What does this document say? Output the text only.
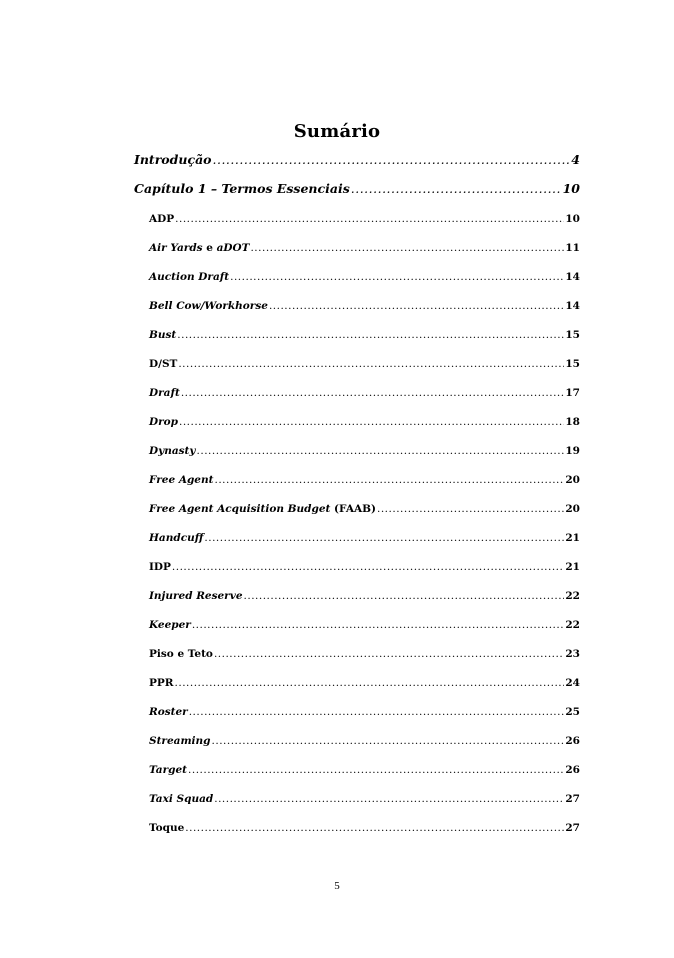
Sumário
Introdução .....	4
Capítulo 1 – Termos Essenciais .....	10
ADP .....	10
Air Yards e aDOT .....	11
Auction Draft .....	14
Bell Cow/Workhorse .....	14
Bust .....	15
D/ST .....	15
Draft .....	17
Drop .....	18
Dynasty .....	19
Free Agent .....	20
Free Agent Acquisition Budget (FAAB) .....	20
Handcuff .....	21
IDP .....	21
Injured Reserve .....	22
Keeper .....	22
Piso e Teto .....	23
PPR .....	24
Roster .....	25
Streaming .....	26
Target .....	26
Taxi Squad .....	27
Toque .....	27
5
